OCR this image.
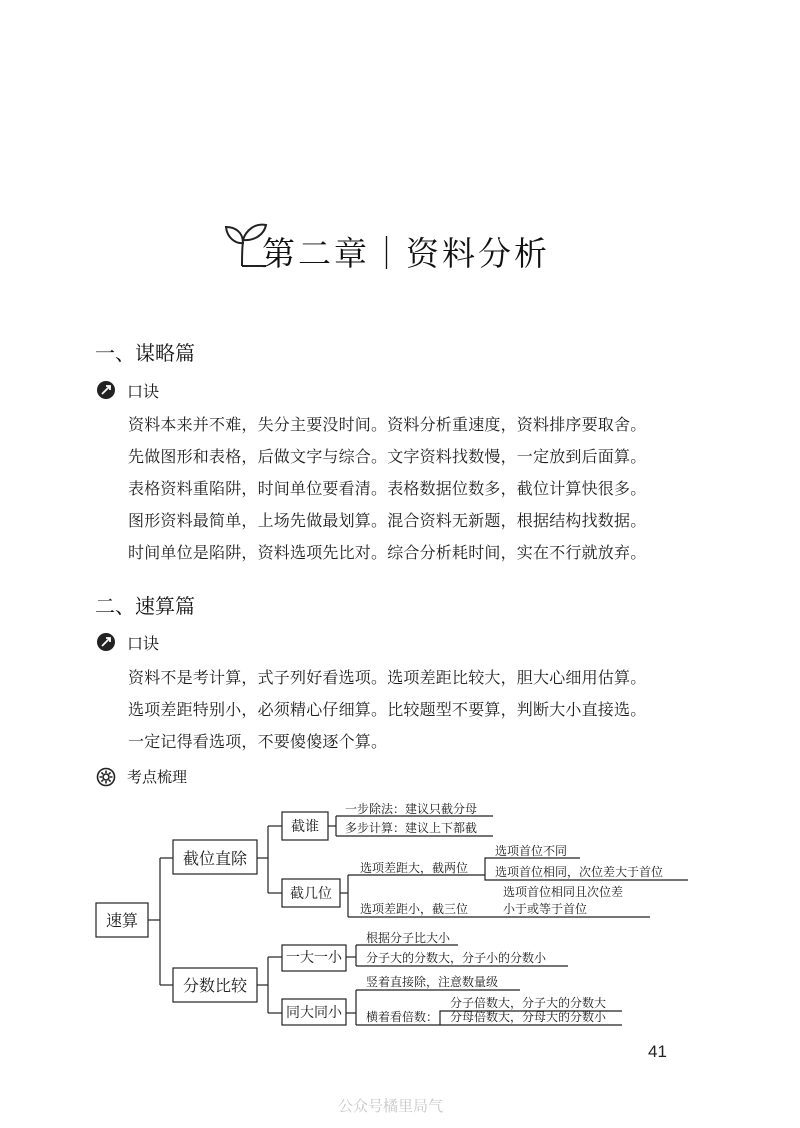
第二章｜资料分析
一、谋略篇
口诀
资料本来并不难，失分主要没时间。资料分析重速度，资料排序要取舍。
先做图形和表格，后做文字与综合。文字资料找数慢，一定放到后面算。
表格资料重陷阱，时间单位要看清。表格数据位数多，截位计算快很多。
图形资料最简单，上场先做最划算。混合资料无新题，根据结构找数据。
时间单位是陷阱，资料选项先比对。综合分析耗时间，实在不行就放弃。
二、速算篇
口诀
资料不是考计算，式子列好看选项。选项差距比较大，胆大心细用估算。
选项差距特别小，必须精心仔细算。比较题型不要算，判断大小直接选。
一定记得看选项，不要傻傻逐个算。
考点梳理
速算
截位直除
分数比较
截谁
截几位
一大一小
同大同小
一步除法：建议只截分母
多步计算：建议上下都截
选项差距大，截两位
选项首位不同
选项首位相同，次位差大于首位
选项差距小，截三位
选项首位相同且次位差
小于或等于首位
根据分子比大小
分子大的分数大，分子小的分数小
竖着直接除，注意数量级
横着看倍数：
分子倍数大，分子大的分数大
分母倍数大，分母大的分数小
41
公众号橘里局气
